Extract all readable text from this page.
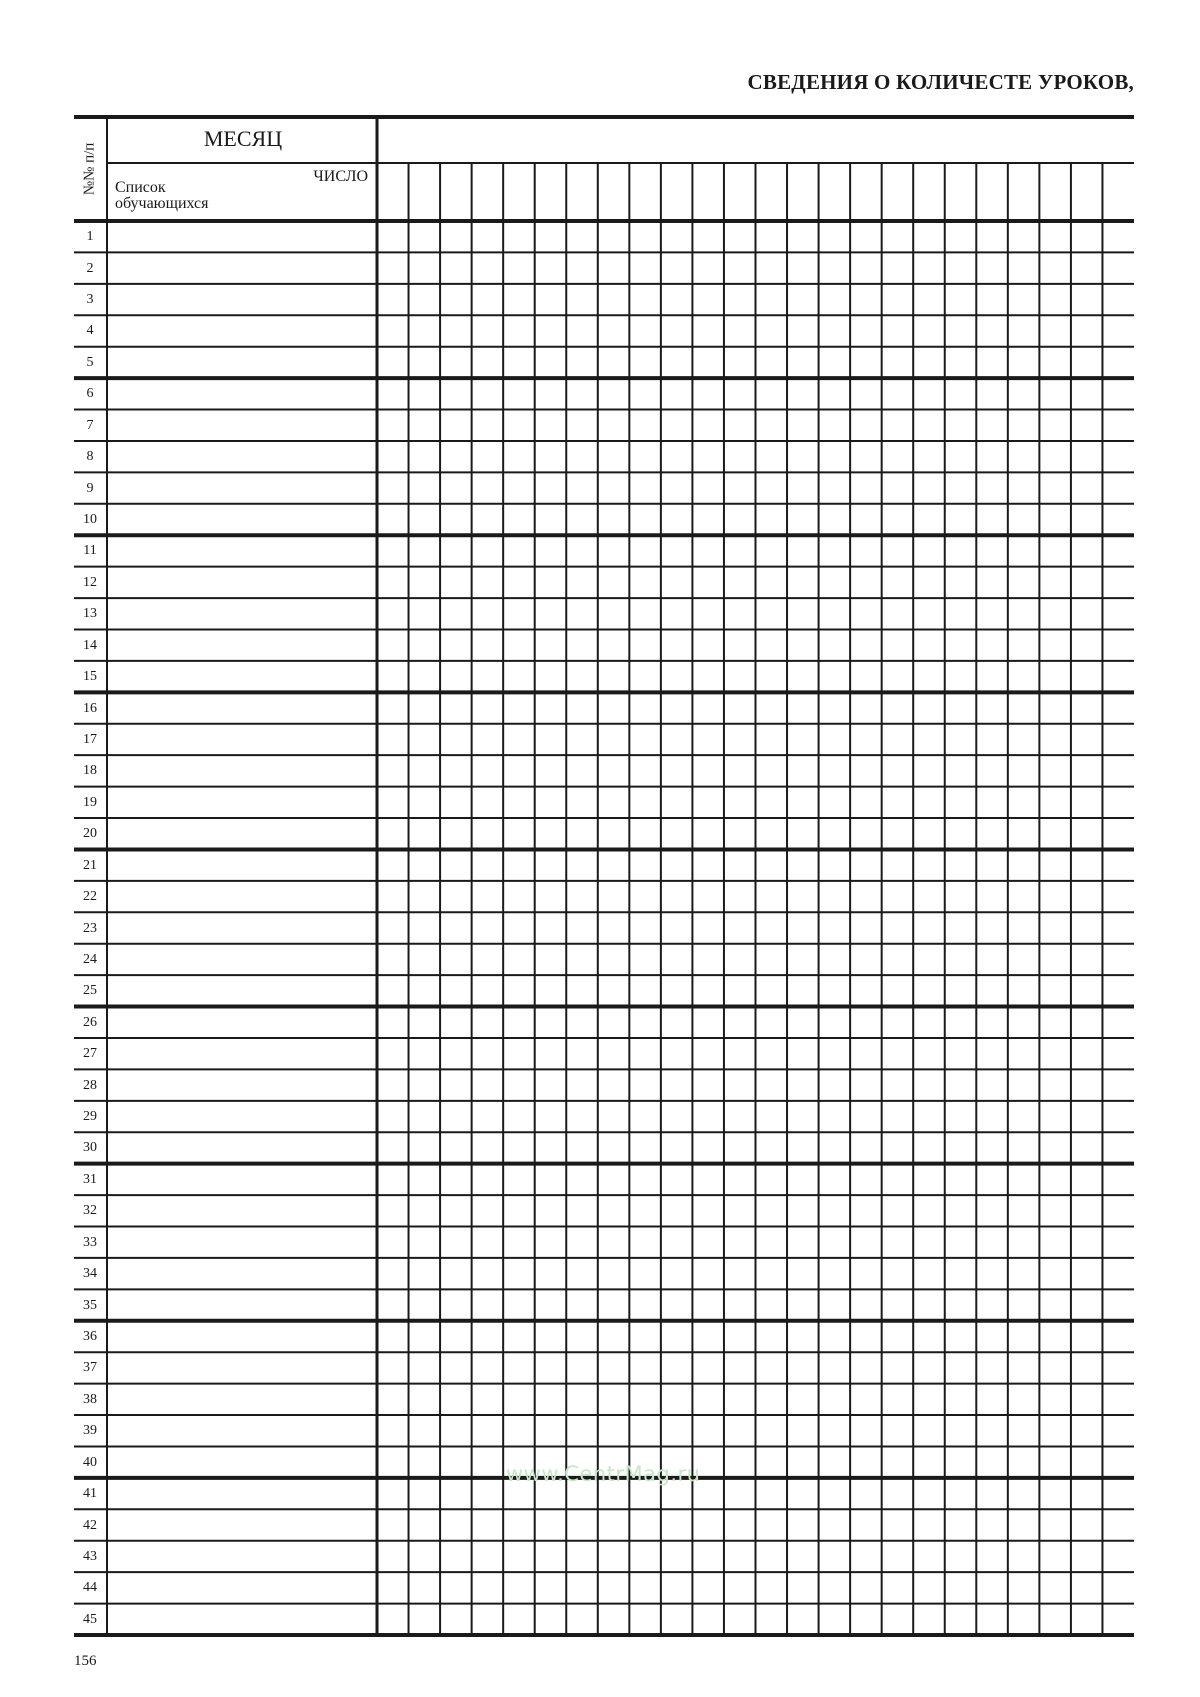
СВЕДЕНИЯ О КОЛИЧЕСТЕ УРОКОВ,
МЕСЯЦ
ЧИСЛО
Список
обучающихся
№№ п/п
1
2
3
4
5
6
7
8
9
10
11
12
13
14
15
16
17
18
19
20
21
22
23
24
25
26
27
28
29
30
31
32
33
34
35
36
37
38
39
40
41
42
43
44
45
156
www.CentrMag.ru
